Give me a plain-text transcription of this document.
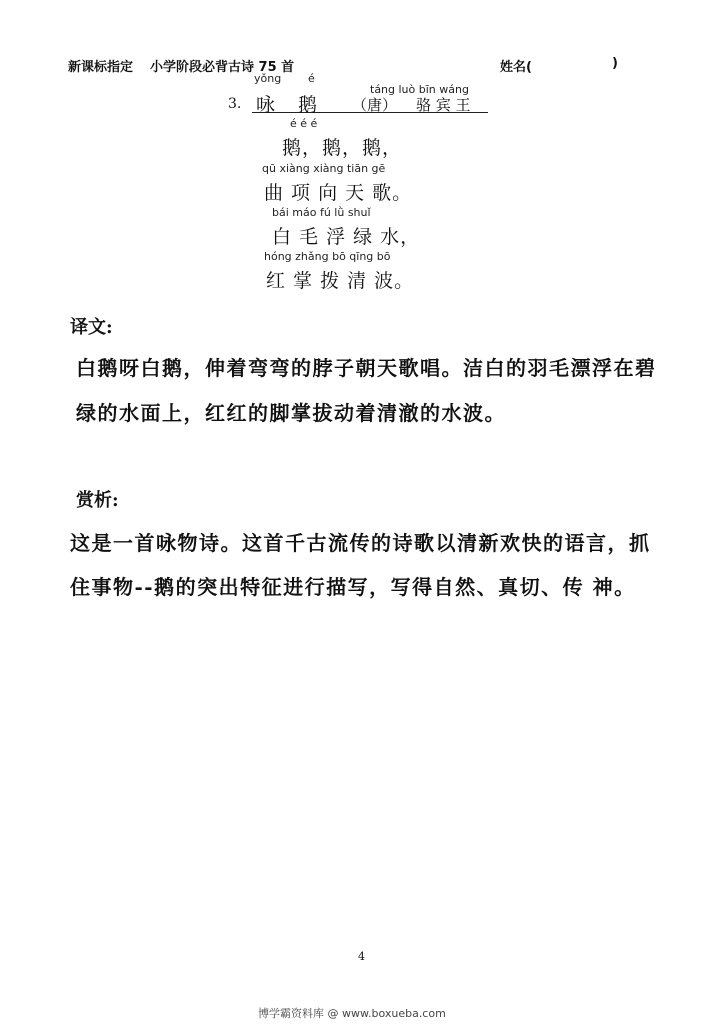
新课标指定 小学阶段必背古诗 75 首	姓名(	)
yǒng é
táng luò bīn wáng
3. 咏 鹅 （唐） 骆 宾 王
é é é
鹅，鹅，鹅，
qū xiàng xiàng tiān gē
曲 项 向 天 歌。
bái máo fú lǜ shuǐ
白 毛 浮 绿 水，
hóng zhǎng bō qīng bō
红 掌 拨 清 波。
译文:
白鹅呀白鹅，伸着弯弯的脖子朝天歌唱。洁白的羽毛漂浮在碧
绿的水面上，红红的脚掌拔动着清澈的水波。
赏析:
这是一首咏物诗。这首千古流传的诗歌以清新欢快的语言，抓
住事物--鹅的突出特征进行描写，写得自然、真切、传 神。
4
博学霸资料库 @ www.boxueba.com
